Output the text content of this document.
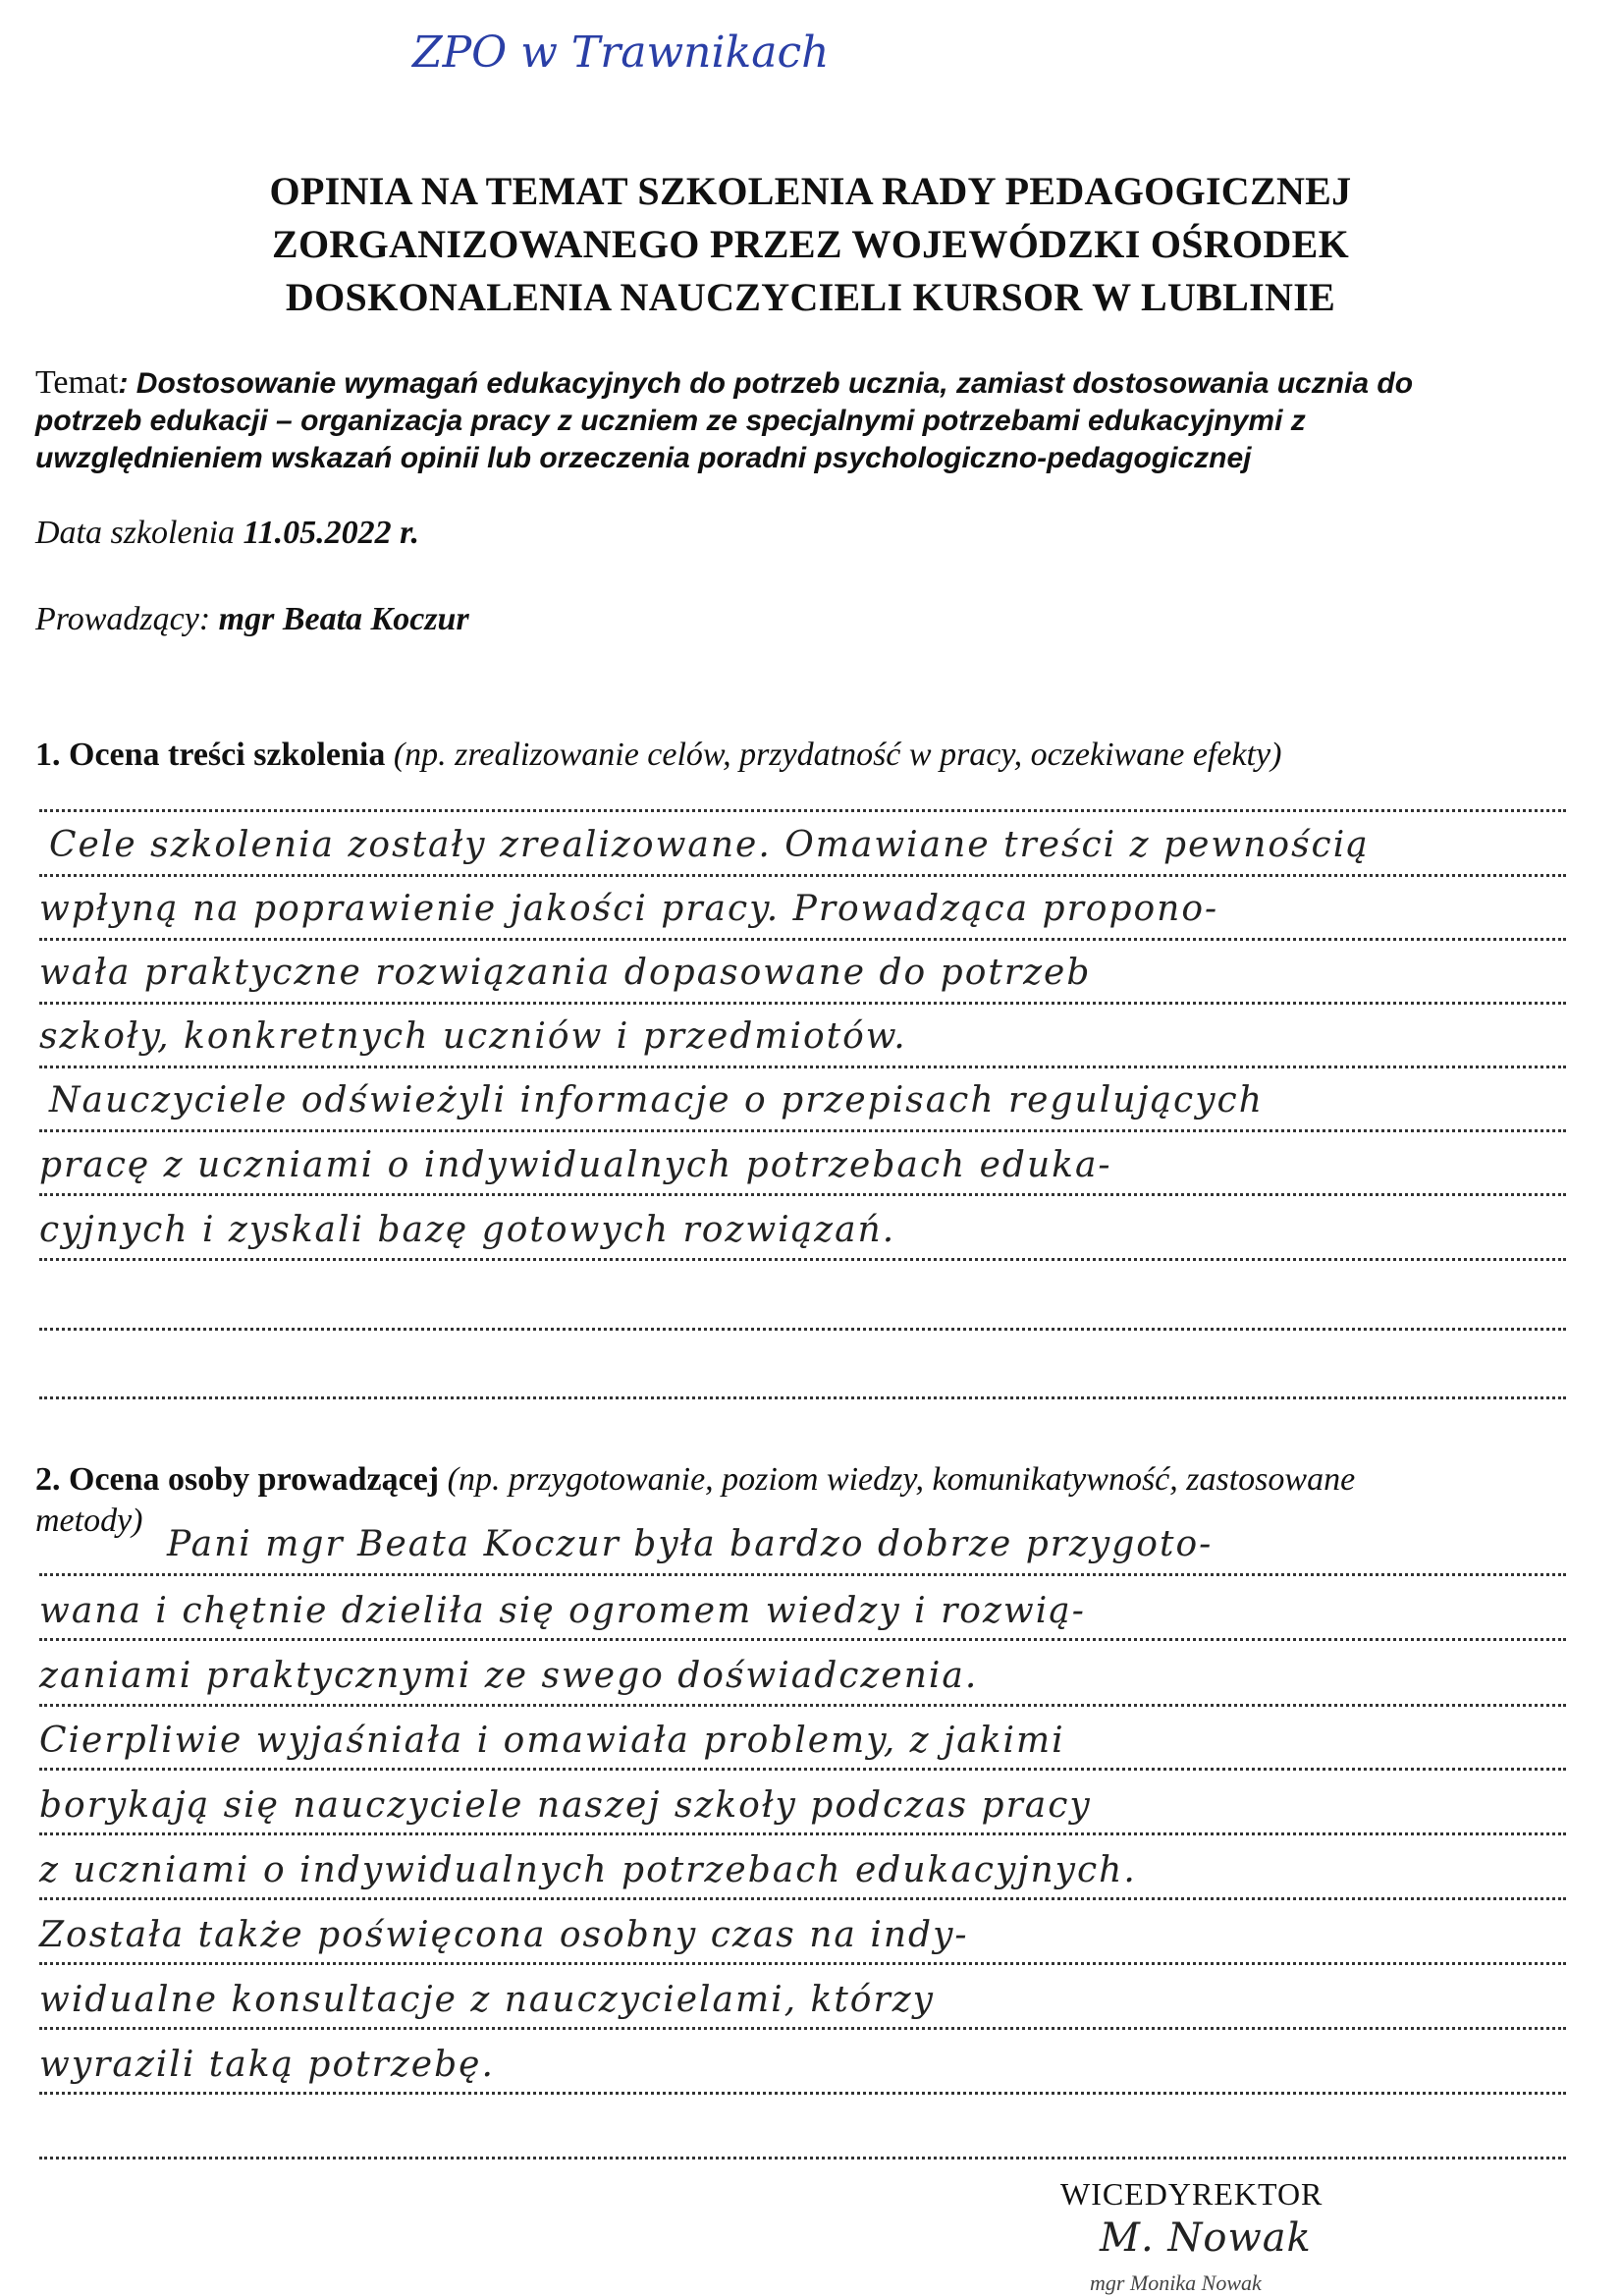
ZPO w Trawnikach
OPINIA NA TEMAT SZKOLENIA RADY PEDAGOGICZNEJ
ZORGANIZOWANEGO PRZEZ WOJEWÓDZKI OŚRODEK
DOSKONALENIA NAUCZYCIELI KURSOR W LUBLINIE
Temat: Dostosowanie wymagań edukacyjnych do potrzeb ucznia, zamiast dostosowania ucznia do
potrzeb edukacji – organizacja pracy z uczniem ze specjalnymi potrzebami edukacyjnymi z
uwzględnieniem wskazań opinii lub orzeczenia poradni psychologiczno-pedagogicznej
Data szkolenia 11.05.2022 r.
Prowadzący: mgr Beata Koczur
1. Ocena treści szkolenia (np. zrealizowanie celów, przydatność w pracy, oczekiwane efekty)
Cele szkolenia zostały zrealizowane. Omawiane treści z pewnością
wpłyną na poprawienie jakości pracy. Prowadząca propono-
wała praktyczne rozwiązania dopasowane do potrzeb
szkoły, konkretnych uczniów i przedmiotów.
Nauczyciele odświeżyli informacje o przepisach regulujących
pracę z uczniami o indywidualnych potrzebach eduka-
cyjnych i zyskali bazę gotowych rozwiązań.
2. Ocena osoby prowadzącej (np. przygotowanie, poziom wiedzy, komunikatywność, zastosowane
metody)
Pani mgr Beata Koczur była bardzo dobrze przygoto-
wana i chętnie dzieliła się ogromem wiedzy i rozwią-
zaniami praktycznymi ze swego doświadczenia.
Cierpliwie wyjaśniała i omawiała problemy, z jakimi
borykają się nauczyciele naszej szkoły podczas pracy
z uczniami o indywidualnych potrzebach edukacyjnych.
Została także poświęcona osobny czas na indy-
widualne konsultacje z nauczycielami, którzy
wyrazili taką potrzebę.
WICEDYREKTOR
M. Nowak
mgr Monika Nowak
